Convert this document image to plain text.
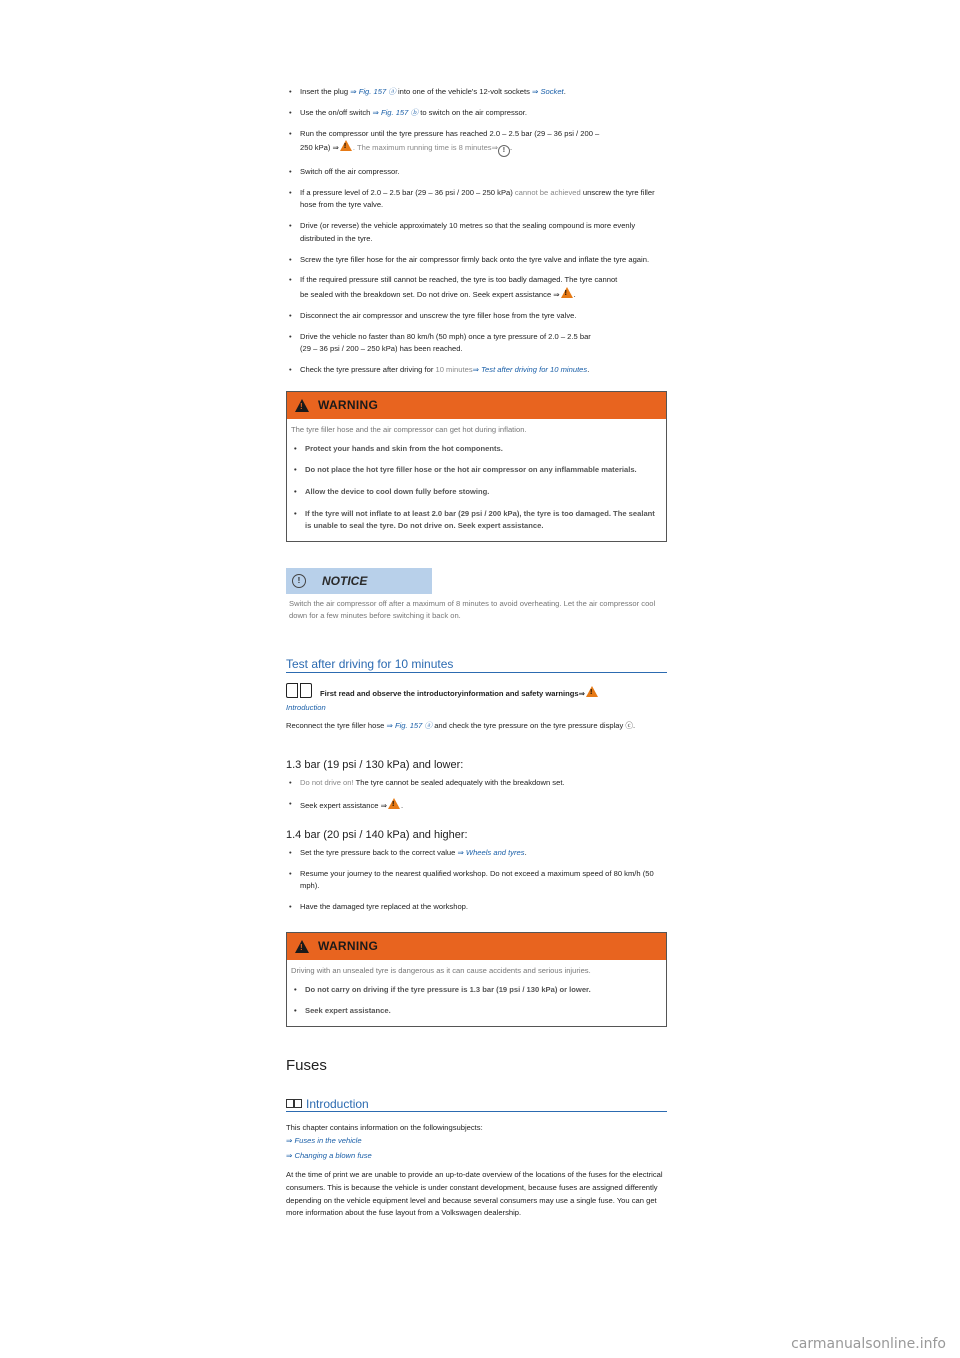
• Insert the plug ⇒ Fig. 157 ⓐ into one of the vehicle's 12-volt sockets ⇒ Socket.
• Use the on/off switch ⇒ Fig. 157 ⓑ to switch on the air compressor.
• Run the compressor until the tyre pressure has reached 2.0 – 2.5 bar (29 – 36 psi / 200 –
250 kPa) ⇒ ! . The maximum running time is 8 minutes⇒ ! .
• Switch off the air compressor.
• If a pressure level of 2.0 – 2.5 bar (29 – 36 psi / 200 – 250 kPa) cannot be achieved unscrew the tyre filler hose from the tyre valve.
• Drive (or reverse) the vehicle approximately 10 metres so that the sealing compound is more evenly distributed in the tyre.
• Screw the tyre filler hose for the air compressor firmly back onto the tyre valve and inflate the tyre again.
• If the required pressure still cannot be reached, the tyre is too badly damaged. The tyre cannot
be sealed with the breakdown set. Do not drive on. Seek expert assistance ⇒ ! .
• Disconnect the air compressor and unscrew the tyre filler hose from the tyre valve.
• Drive the vehicle no faster than 80 km/h (50 mph) once a tyre pressure of 2.0 – 2.5 bar
(29 – 36 psi / 200 – 250 kPa) has been reached.
• Check the tyre pressure after driving for 10 minutes⇒ Test after driving for 10 minutes.
!
WARNING
The tyre filler hose and the air compressor can get hot during inflation.
• Protect your hands and skin from the hot components.
• Do not place the hot tyre filler hose or the hot air compressor on any inflammable materials.
• Allow the device to cool down fully before stowing.
• If the tyre will not inflate to at least 2.0 bar (29 psi / 200 kPa), the tyre is too damaged. The sealant is unable to seal the tyre. Do not drive on. Seek expert assistance.
!	NOTICE
Switch the air compressor off after a maximum of 8 minutes to avoid overheating. Let the air compressor cool down for a few minutes before switching it back on.
Test after driving for 10 minutes
First read and observe the introductoryinformation and safety warnings⇒!
Introduction
Reconnect the tyre filler hose ⇒ Fig. 157 ⓐ and check the tyre pressure on the tyre pressure display ⓒ.
1.3 bar (19 psi / 130 kPa) and lower:
• Do not drive on! The tyre cannot be sealed adequately with the breakdown set.
• Seek expert assistance ⇒ ! .
1.4 bar (20 psi / 140 kPa) and higher:
• Set the tyre pressure back to the correct value ⇒ Wheels and tyres.
• Resume your journey to the nearest qualified workshop. Do not exceed a maximum speed of 80 km/h (50 mph).
• Have the damaged tyre replaced at the workshop.
!
WARNING
Driving with an unsealed tyre is dangerous as it can cause accidents and serious injuries.
• Do not carry on driving if the tyre pressure is 1.3 bar (19 psi / 130 kPa) or lower.
• Seek expert assistance.
Fuses
Introduction
This chapter contains information on the followingsubjects:
⇒ Fuses in the vehicle
⇒ Changing a blown fuse
At the time of print we are unable to provide an up-to-date overview of the locations of the fuses for the electrical consumers. This is because the vehicle is under constant development, because fuses are assigned differently depending on the vehicle equipment level and because several consumers may use a single fuse. You can get more information about the fuse layout from a Volkswagen dealership.
carmanualsonline.info
